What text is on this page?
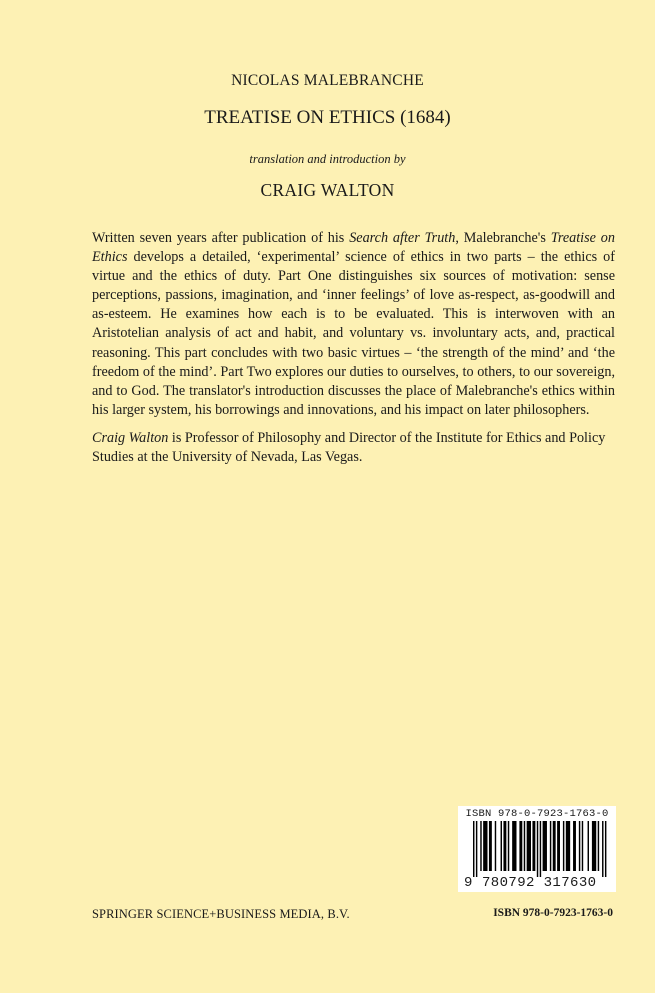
NICOLAS MALEBRANCHE
TREATISE ON ETHICS (1684)
translation and introduction by
CRAIG WALTON

Written seven years after publication of his Search after Truth, Malebranche's Treatise on Ethics develops a detailed, ‘experimental’ science of ethics in two parts – the ethics of virtue and the ethics of duty. Part One distinguishes six sources of motivation: sense perceptions, passions, imagination, and ‘inner feelings’ of love as-respect, as-goodwill and as-esteem. He examines how each is to be evaluated. This is interwoven with an Aristotelian analysis of act and habit, and voluntary vs. involuntary acts, and, practical reasoning. This part concludes with two basic virtues – ‘the strength of the mind’ and ‘the freedom of the mind’. Part Two explores our duties to ourselves, to others, to our sovereign, and to God. The translator's introduction discusses the place of Malebranche's ethics within his larger system, his borrowings and innovations, and his impact on later philosophers.

Craig Walton is Professor of Philosophy and Director of the Institute for Ethics and Policy Studies at the University of Nevada, Las Vegas.

ISBN 978-0-7923-1763-0
9 780792 317630
SPRINGER SCIENCE+BUSINESS MEDIA, B.V.	ISBN 978-0-7923-1763-0
